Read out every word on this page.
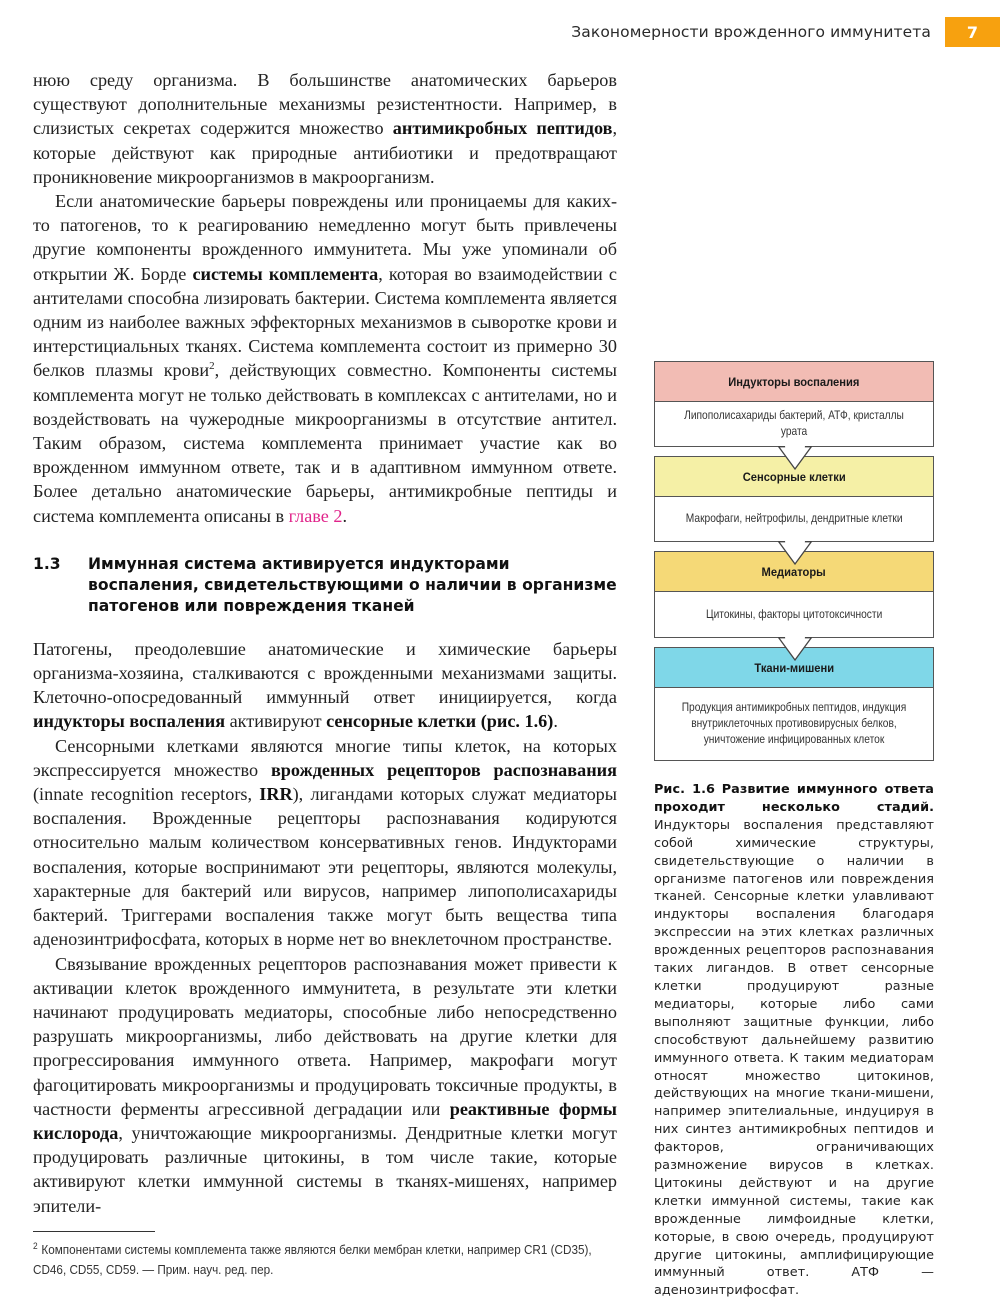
Закономерности врожденного иммунитета	7

нюю среду организма. В большинстве анатомических барьеров существуют дополнительные механизмы резистентности. Например, в слизистых секретах содержится множество антимикробных пептидов, которые действуют как природные антибиотики и предотвращают проникновение микроорганизмов в макроорганизм.

Если анатомические барьеры повреждены или проницаемы для каких-то патогенов, то к реагированию немедленно могут быть привлечены другие компоненты врожденного иммунитета. Мы уже упоминали об открытии Ж. Борде системы комплемента, которая во взаимодействии с антителами способна лизировать бактерии. Система комплемента является одним из наиболее важных эффекторных механизмов в сыворотке крови и интерстициальных тканях. Система комплемента состоит из примерно 30 белков плазмы крови$^2$, действующих совместно. Компоненты системы комплемента могут не только действовать в комплексах с антителами, но и воздействовать на чужеродные микроорганизмы в отсутствие антител. Таким образом, система комплемента принимает участие как во врожденном иммунном ответе, так и в адаптивном иммунном ответе. Более детально анатомические барьеры, антимикробные пептиды и система комплемента описаны в главе 2.

1.3	Иммунная система активируется индукторами воспаления, свидетельствующими о наличии в организме патогенов или повреждения тканей

Патогены, преодолевшие анатомические и химические барьеры организма-хозяина, сталкиваются с врожденными механизмами защиты. Клеточно-опосредованный иммунный ответ инициируется, когда индукторы воспаления активируют сенсорные клетки (рис. 1.6).

Сенсорными клетками являются многие типы клеток, на которых экспрессируется множество врожденных рецепторов распознавания (innate recognition receptors, IRR), лигандами которых служат медиаторы воспаления. Врожденные рецепторы распознавания кодируются относительно малым количеством консервативных генов. Индукторами воспаления, которые воспринимают эти рецепторы, являются молекулы, характерные для бактерий или вирусов, например липополисахариды бактерий. Триггерами воспаления также могут быть вещества типа аденозинтрифосфата, которых в норме нет во внеклеточном пространстве.

Связывание врожденных рецепторов распознавания может привести к активации клеток врожденного иммунитета, в результате эти клетки начинают продуцировать медиаторы, способные либо непосредственно разрушать микроорганизмы, либо действовать на другие клетки для прогрессирования иммунного ответа. Например, макрофаги могут фагоцитировать микроорганизмы и продуцировать токсичные продукты, в частности ферменты агрессивной деградации или реактивные формы кислорода, уничтожающие микроорганизмы. Дендритные клетки могут продуцировать различные цитокины, в том числе такие, которые активируют клетки иммунной системы в тканях-мишенях, например эпители-

$^2$ Компонентами системы комплемента также являются белки мембран клетки, например CR1 (CD35), CD46, CD55, CD59. — Прим. науч. ред. пер.
Индукторы воспаления
Липополисахариды бактерий, АТФ, кристаллы урата
Сенсорные клетки
Макрофаги, нейтрофилы, дендритные клетки
Медиаторы
Цитокины, факторы цитотоксичности
Ткани-мишени
Продукция антимикробных пептидов, индукция внутриклеточных противовирусных белков, уничтожение инфицированных клеток
Рис. 1.6 Развитие иммунного ответа проходит несколько стадий. Индукторы воспаления представляют собой химические структуры, свидетельствующие о наличии в организме патогенов или повреждения тканей. Сенсорные клетки улавливают индукторы воспаления благодаря экспрессии на этих клетках различных врожденных рецепторов распознавания таких лигандов. В ответ сенсорные клетки продуцируют разные медиаторы, которые либо сами выполняют защитные функции, либо способствуют дальнейшему развитию иммунного ответа. К таким медиаторам относят множество цитокинов, действующих на многие ткани-мишени, например эпителиальные, индуцируя в них синтез антимикробных пептидов и факторов, ограничивающих размножение вирусов в клетках. Цитокины действуют и на другие клетки иммунной системы, такие как врожденные лимфоидные клетки, которые, в свою очередь, продуцируют другие цитокины, амплифицирующие иммунный ответ. АТФ — аденозинтрифосфат.
